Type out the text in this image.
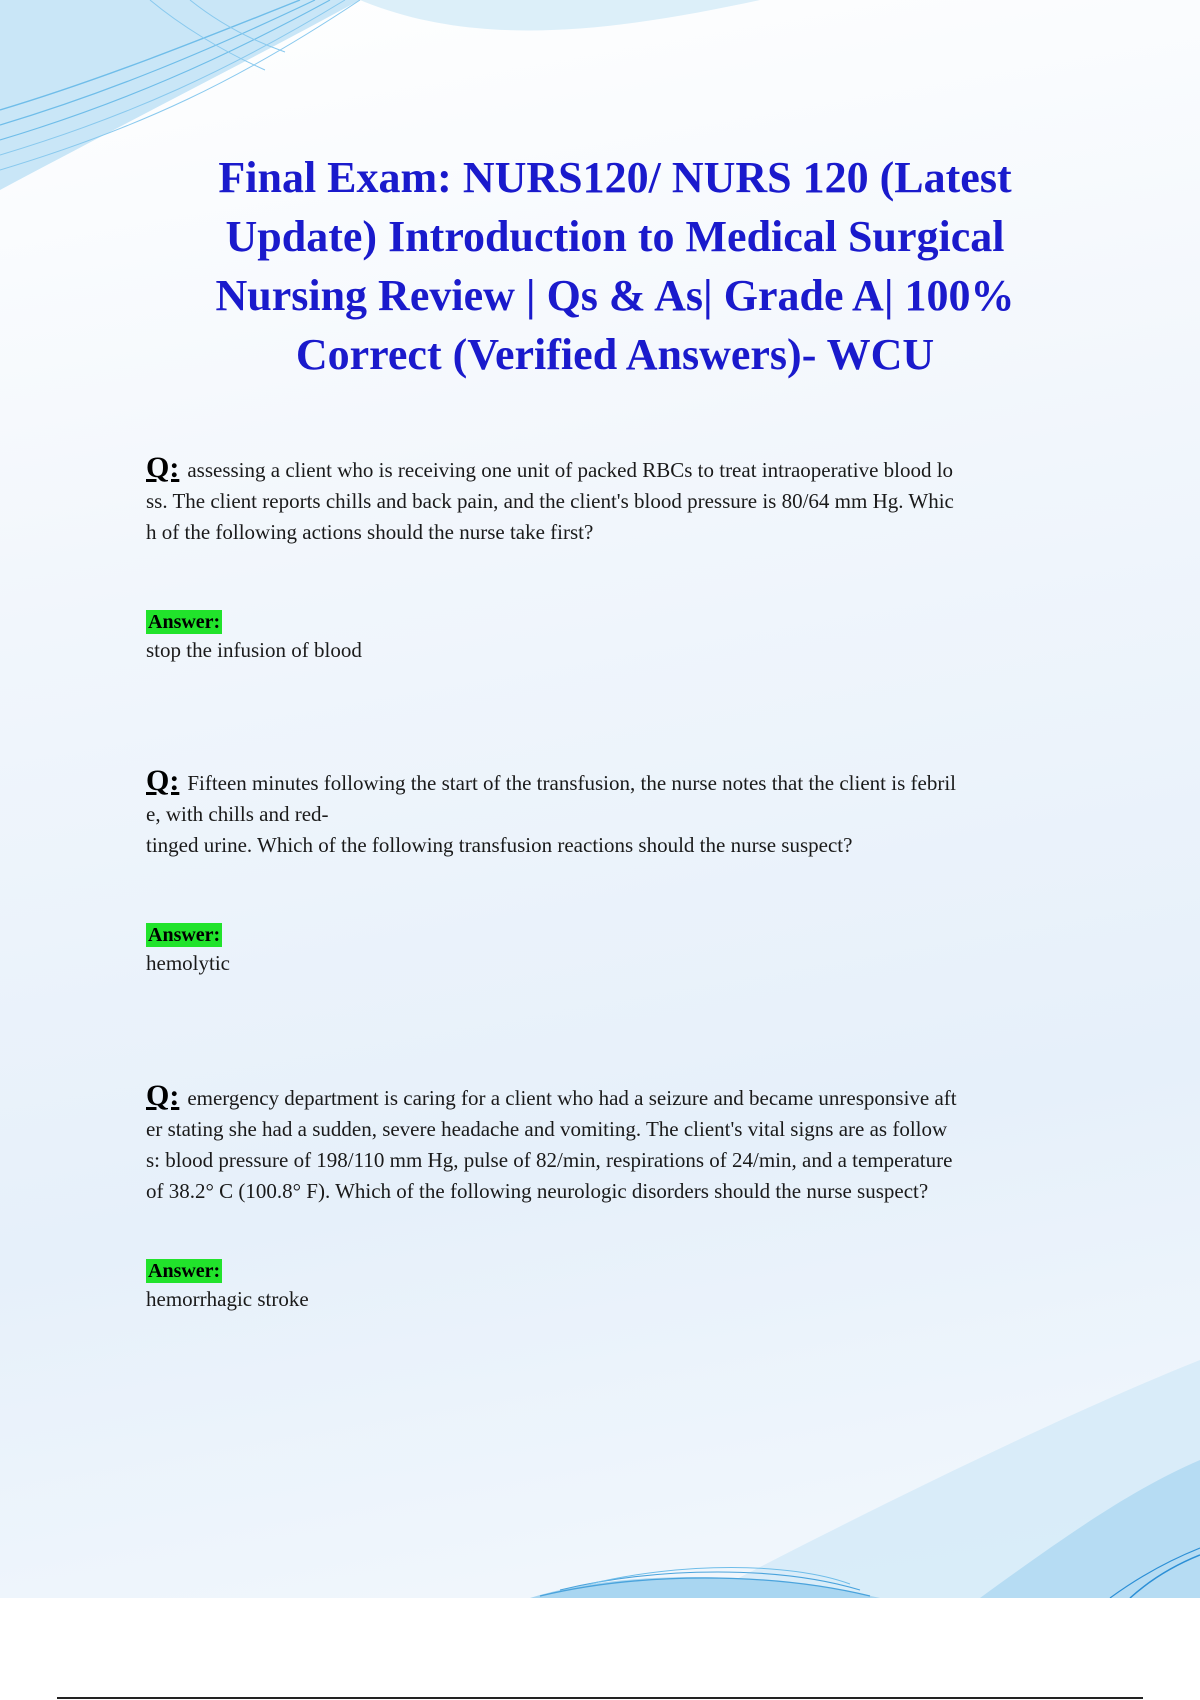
Final Exam: NURS120/ NURS 120 (Latest Update) Introduction to Medical Surgical Nursing Review | Qs & As| Grade A| 100% Correct (Verified Answers)- WCU

Q: assessing a client who is receiving one unit of packed RBCs to treat intraoperative blood lo
ss. The client reports chills and back pain, and the client's blood pressure is 80/64 mm Hg. Whic
h of the following actions should the nurse take first?

Answer:

stop the infusion of blood

Q: Fifteen minutes following the start of the transfusion, the nurse notes that the client is febril
e, with chills and red-
tinged urine. Which of the following transfusion reactions should the nurse suspect?

Answer:

hemolytic

Q: emergency department is caring for a client who had a seizure and became unresponsive aft
er stating she had a sudden, severe headache and vomiting. The client's vital signs are as follow
s: blood pressure of 198/110 mm Hg, pulse of 82/min, respirations of 24/min, and a temperature
of 38.2° C (100.8° F). Which of the following neurologic disorders should the nurse suspect?

Answer:

hemorrhagic stroke
